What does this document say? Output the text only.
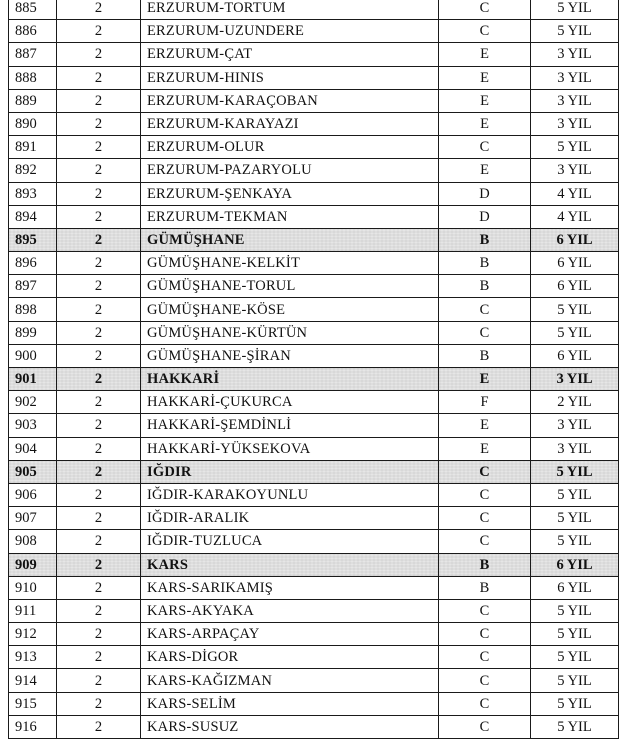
885	2	ERZURUM-TORTUM	C	5 YIL
886	2	ERZURUM-UZUNDERE	C	5 YIL
887	2	ERZURUM-ÇAT	E	3 YIL
888	2	ERZURUM-HINIS	E	3 YIL
889	2	ERZURUM-KARAÇOBAN	E	3 YIL
890	2	ERZURUM-KARAYAZI	E	3 YIL
891	2	ERZURUM-OLUR	C	5 YIL
892	2	ERZURUM-PAZARYOLU	E	3 YIL
893	2	ERZURUM-ŞENKAYA	D	4 YIL
894	2	ERZURUM-TEKMAN	D	4 YIL
895	2	GÜMÜŞHANE	B	6 YIL
896	2	GÜMÜŞHANE-KELKİT	B	6 YIL
897	2	GÜMÜŞHANE-TORUL	B	6 YIL
898	2	GÜMÜŞHANE-KÖSE	C	5 YIL
899	2	GÜMÜŞHANE-KÜRTÜN	C	5 YIL
900	2	GÜMÜŞHANE-ŞİRAN	B	6 YIL
901	2	HAKKARİ	E	3 YIL
902	2	HAKKARİ-ÇUKURCA	F	2 YIL
903	2	HAKKARİ-ŞEMDİNLİ	E	3 YIL
904	2	HAKKARİ-YÜKSEKOVA	E	3 YIL
905	2	IĞDIR	C	5 YIL
906	2	IĞDIR-KARAKOYUNLU	C	5 YIL
907	2	IĞDIR-ARALIK	C	5 YIL
908	2	IĞDIR-TUZLUCA	C	5 YIL
909	2	KARS	B	6 YIL
910	2	KARS-SARIKAMIŞ	B	6 YIL
911	2	KARS-AKYAKA	C	5 YIL
912	2	KARS-ARPAÇAY	C	5 YIL
913	2	KARS-DİGOR	C	5 YIL
914	2	KARS-KAĞIZMAN	C	5 YIL
915	2	KARS-SELİM	C	5 YIL
916	2	KARS-SUSUZ	C	5 YIL
